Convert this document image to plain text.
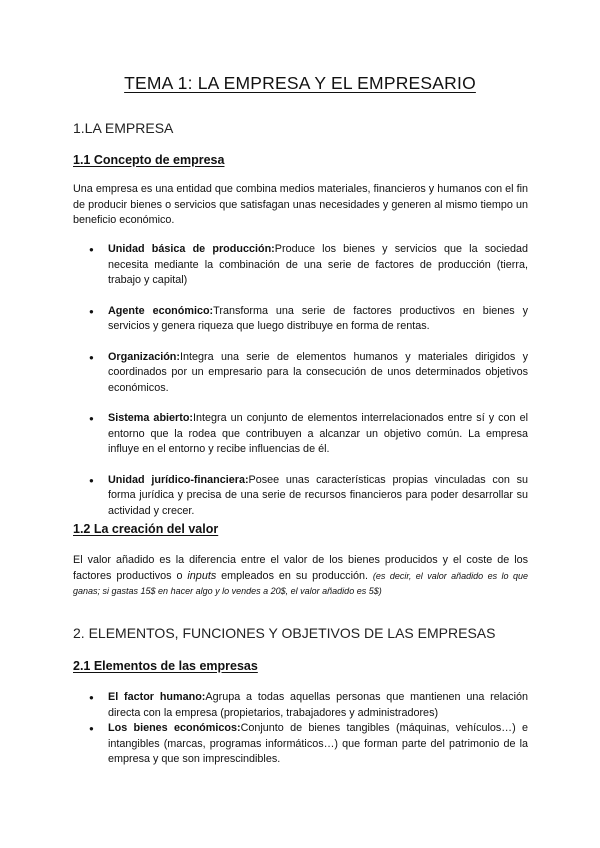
TEMA 1: LA EMPRESA Y EL EMPRESARIO
1.LA EMPRESA
1.1 Concepto de empresa

Una empresa es una entidad que combina medios materiales, financieros y humanos con el fin de producir bienes o servicios que satisfagan unas necesidades y generen al mismo tiempo un beneficio económico.

● Unidad básica de producción:Produce los bienes y servicios que la sociedad necesita mediante la combinación de una serie de factores de producción (tierra, trabajo y capital)
● Agente económico:Transforma una serie de factores productivos en bienes y servicios y genera riqueza que luego distribuye en forma de rentas.
● Organización:Integra una serie de elementos humanos y materiales dirigidos y coordinados por un empresario para la consecución de unos determinados objetivos económicos.
● Sistema abierto:Integra un conjunto de elementos interrelacionados entre sí y con el entorno que la rodea que contribuyen a alcanzar un objetivo común. La empresa influye en el entorno y recibe influencias de él.
● Unidad jurídico-financiera:Posee unas características propias vinculadas con su forma jurídica y precisa de una serie de recursos financieros para poder desarrollar su actividad y crecer.
1.2 La creación del valor

El valor añadido es la diferencia entre el valor de los bienes producidos y el coste de los factores productivos o inputs empleados en su producción. (es decir, el valor añadido es lo que ganas; si gastas 15$ en hacer algo y lo vendes a 20$, el valor añadido es 5$)

2. ELEMENTOS, FUNCIONES Y OBJETIVOS DE LAS EMPRESAS
2.1 Elementos de las empresas
● El factor humano:Agrupa a todas aquellas personas que mantienen una relación directa con la empresa (propietarios, trabajadores y administradores)
● Los bienes económicos:Conjunto de bienes tangibles (máquinas, vehículos…) e intangibles (marcas, programas informáticos…) que forman parte del patrimonio de la empresa y que son imprescindibles.
